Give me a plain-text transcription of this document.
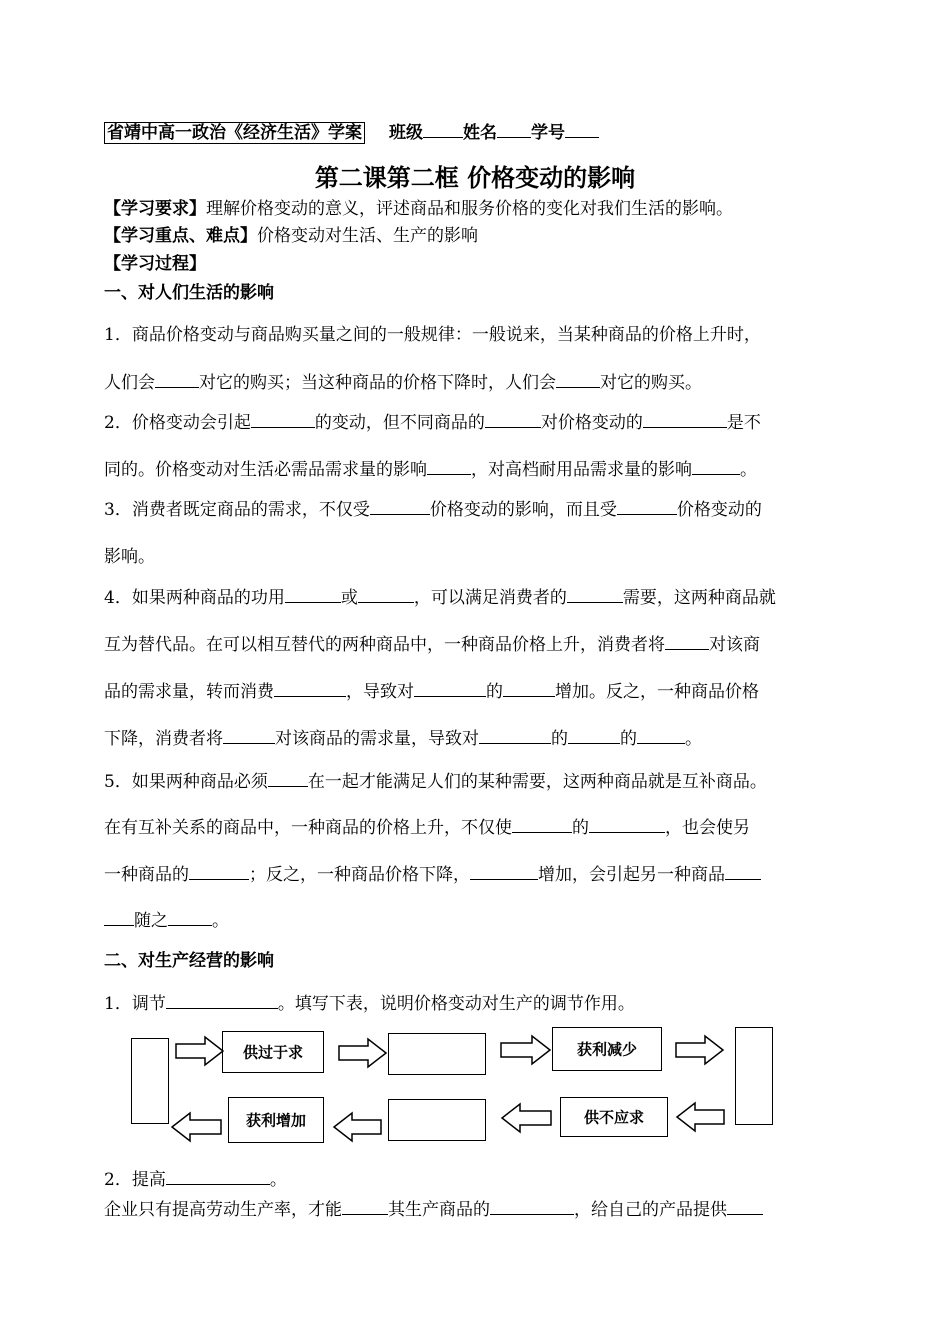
省靖中高一政治《经济生活》学案 班级 姓名 学号
第二课第二框 价格变动的影响
【学习要求】理解价格变动的意义，评述商品和服务价格的变化对我们生活的影响。
【学习重点、难点】价格变动对生活、生产的影响
【学习过程】
一、对人们生活的影响
1．商品价格变动与商品购买量之间的一般规律：一般说来，当某种商品的价格上升时，
人们会	对它的购买；当这种商品的价格下降时，人们会	对它的购买。
2．价格变动会引起	的变动，但不同商品的	对价格变动的	是不
同的。价格变动对生活必需品需求量的影响	，对高档耐用品需求量的影响	。
3．消费者既定商品的需求，不仅受	价格变动的影响，而且受	价格变动的
影响。
4．如果两种商品的功用	或	，可以满足消费者的	需要，这两种商品就
互为替代品。在可以相互替代的两种商品中，一种商品价格上升，消费者将	对该商
品的需求量，转而消费	，导致对	的	增加。反之，一种商品价格
下降，消费者将	对该商品的需求量，导致对	的	的	。
5．如果两种商品必须 在一起才能满足人们的某种需要，这两种商品就是互补商品。
在有互补关系的商品中，一种商品的价格上升，不仅使	的	，也会使另
一种商品的	；反之，一种商品价格下降，	增加，会引起另一种商品
随之	。
二、对生产经营的影响
1．调节	。填写下表，说明价格变动对生产的调节作用。
供过于求	获利减少
获利增加	供不应求
2．提高	。
企业只有提高劳动生产率，才能	其生产商品的	，给自己的产品提供
